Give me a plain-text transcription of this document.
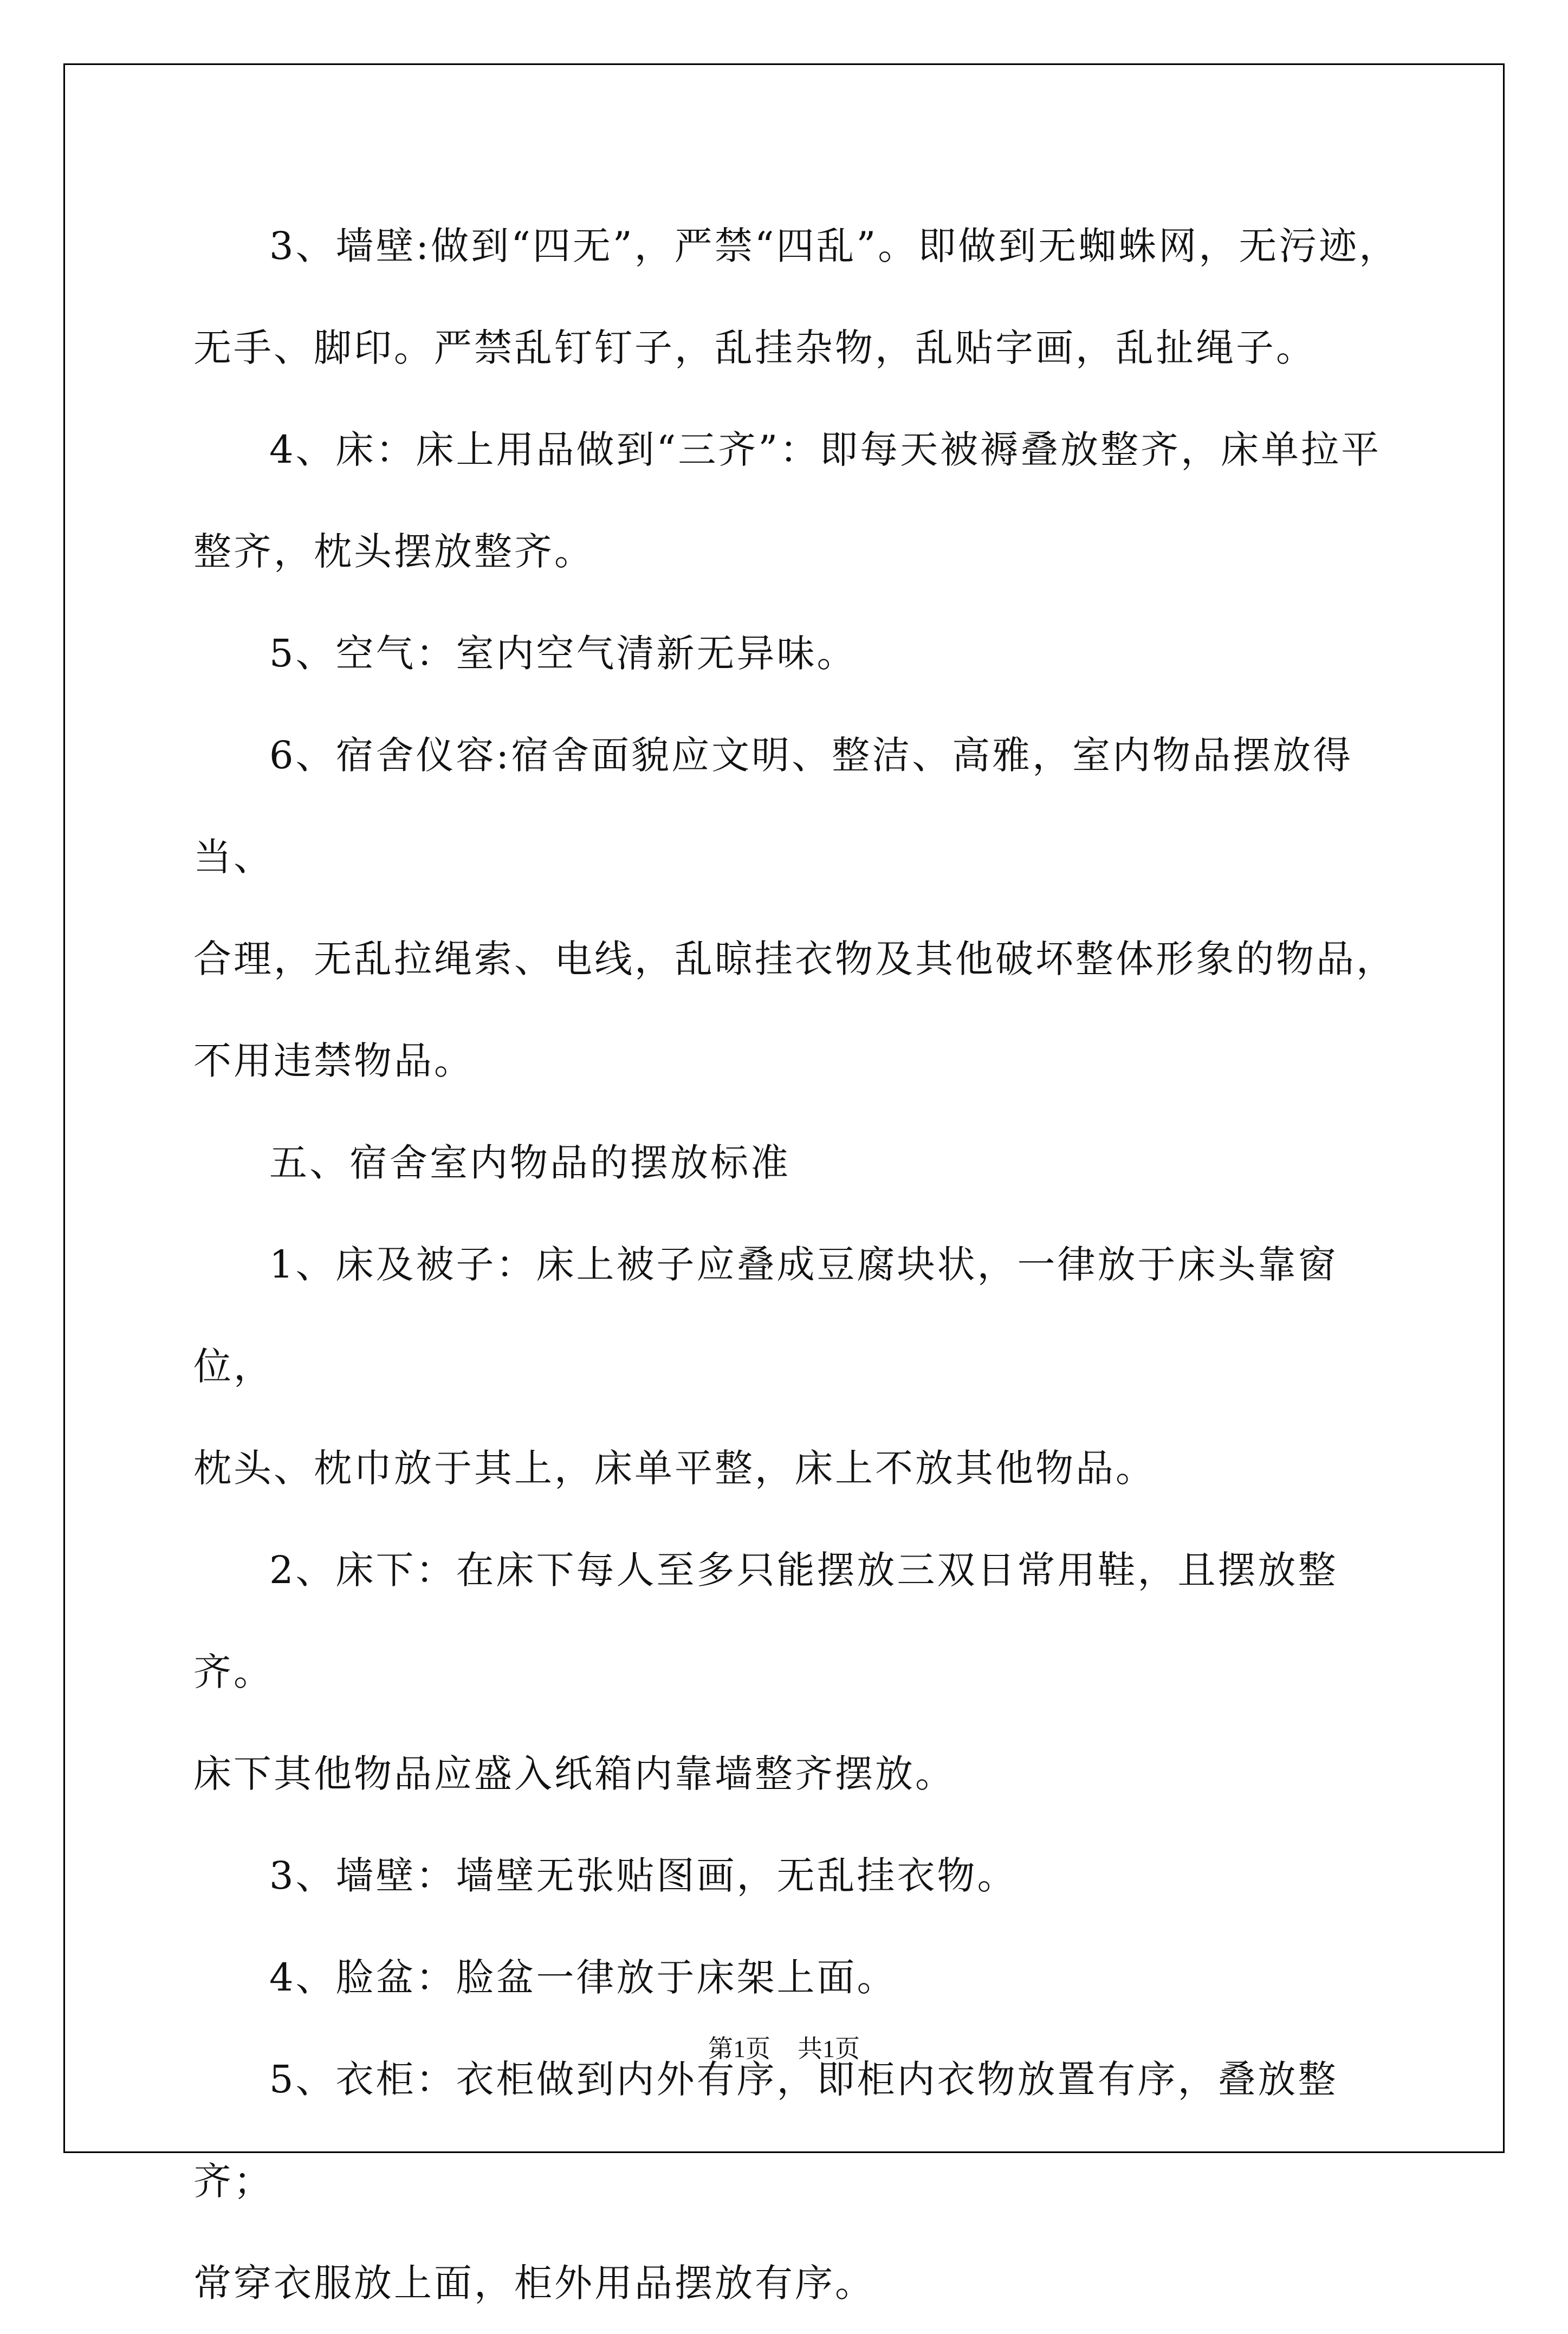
3、墙壁:做到“四无”，严禁“四乱”。即做到无蜘蛛网，无污迹，
无手、脚印。严禁乱钉钉子，乱挂杂物，乱贴字画，乱扯绳子。

4、床：床上用品做到“三齐”：即每天被褥叠放整齐，床单拉平
整齐，枕头摆放整齐。

5、空气：室内空气清新无异味。

6、宿舍仪容:宿舍面貌应文明、整洁、高雅，室内物品摆放得当、
合理，无乱拉绳索、电线，乱晾挂衣物及其他破坏整体形象的物品，
不用违禁物品。

五、宿舍室内物品的摆放标准

1、床及被子：床上被子应叠成豆腐块状，一律放于床头靠窗位，
枕头、枕巾放于其上，床单平整，床上不放其他物品。

2、床下：在床下每人至多只能摆放三双日常用鞋，且摆放整齐。
床下其他物品应盛入纸箱内靠墙整齐摆放。

3、墙壁：墙壁无张贴图画，无乱挂衣物。

4、脸盆：脸盆一律放于床架上面。

5、衣柜：衣柜做到内外有序，即柜内衣物放置有序，叠放整齐；
常穿衣服放上面，柜外用品摆放有序。

第1页 共1页
